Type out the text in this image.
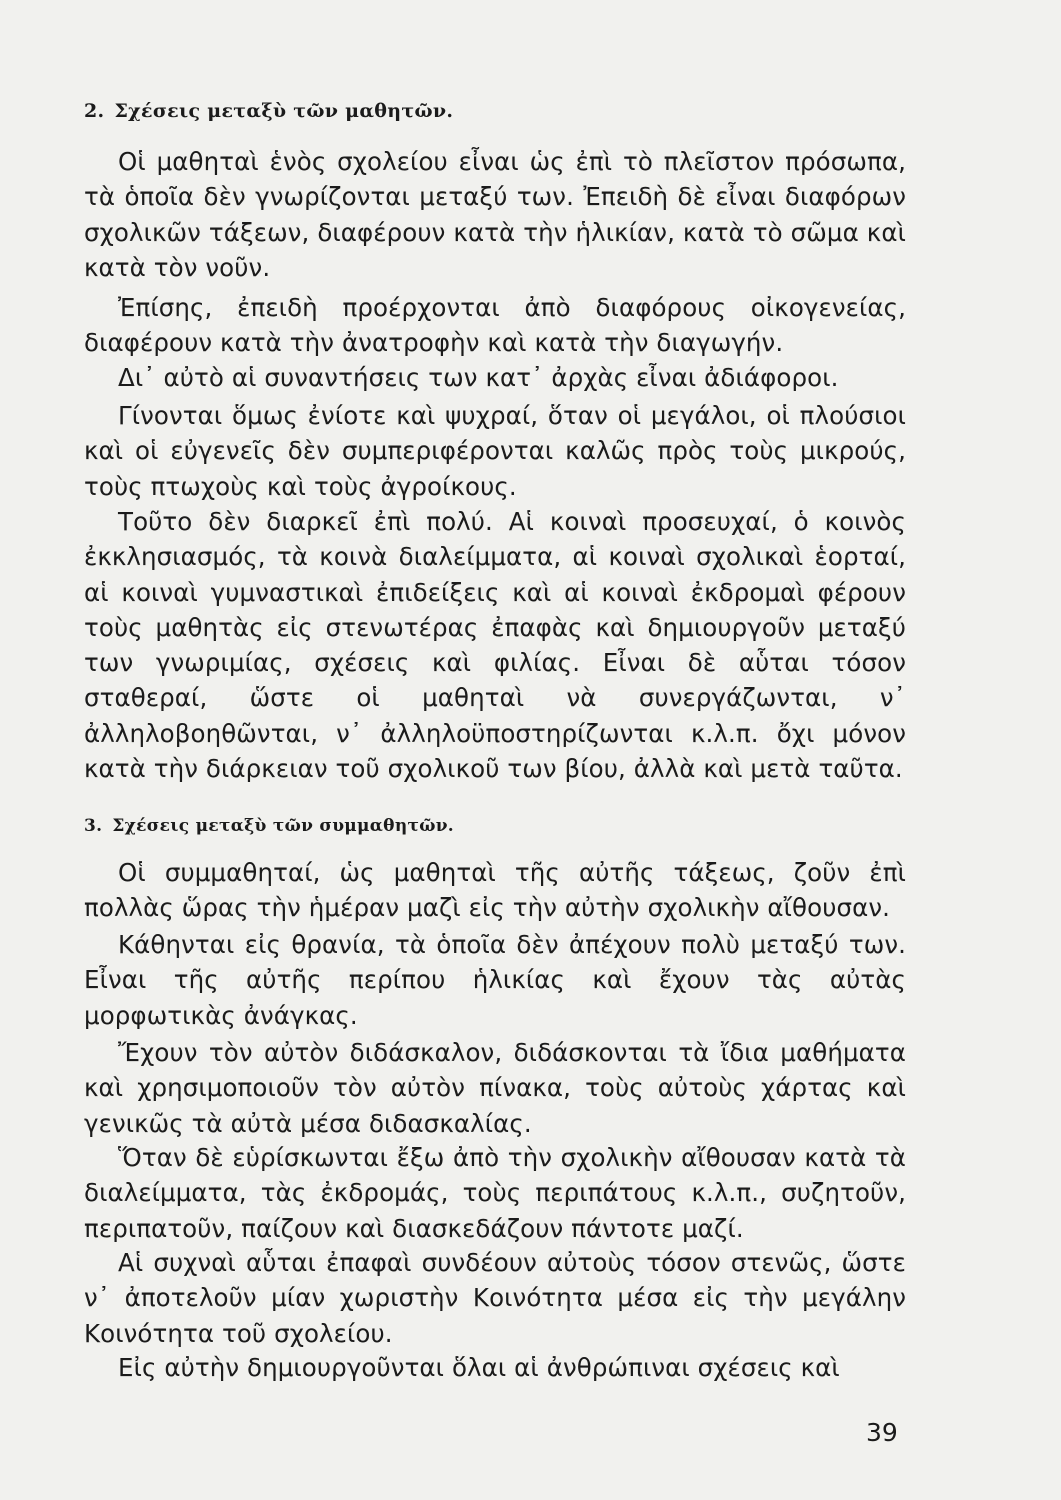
2. Σχέσεις μεταξὺ τῶν μαθητῶν.

Οἱ μαθηταὶ ἑνὸς σχολείου εἶναι ὡς ἐπὶ τὸ πλεῖστον πρόσωπα, τὰ ὁποῖα δὲν γνωρίζονται μεταξύ των. Ἐπειδὴ δὲ εἶναι διαφόρων σχολικῶν τάξεων, διαφέρουν κατὰ τὴν ἡλικίαν, κατὰ τὸ σῶμα καὶ κατὰ τὸν νοῦν.

Ἐπίσης, ἐπειδὴ προέρχονται ἀπὸ διαφόρους οἰκογενείας, διαφέρουν κατὰ τὴν ἀνατροφὴν καὶ κατὰ τὴν διαγωγήν.

Δι᾽ αὐτὸ αἱ συναντήσεις των κατ᾽ ἀρχὰς εἶναι ἀδιάφοροι.

Γίνονται ὅμως ἐνίοτε καὶ ψυχραί, ὅταν οἱ μεγάλοι, οἱ πλούσιοι καὶ οἱ εὐγενεῖς δὲν συμπεριφέρονται καλῶς πρὸς τοὺς μικρούς, τοὺς πτωχοὺς καὶ τοὺς ἀγροίκους.

Τοῦτο δὲν διαρκεῖ ἐπὶ πολύ. Αἱ κοιναὶ προσευχαί, ὁ κοινὸς ἐκκλησιασμός, τὰ κοινὰ διαλείμματα, αἱ κοιναὶ σχολικαὶ ἑορταί, αἱ κοιναὶ γυμναστικαὶ ἐπιδείξεις καὶ αἱ κοιναὶ ἐκδρομαὶ φέρουν τοὺς μαθητὰς εἰς στενωτέρας ἐπαφὰς καὶ δημιουργοῦν μεταξύ των γνωριμίας, σχέσεις καὶ φιλίας. Εἶναι δὲ αὗται τόσον σταθεραί, ὥστε οἱ μαθηταὶ νὰ συνεργάζωνται, ν᾽ ἀλληλοβοηθῶνται, ν᾽ ἀλληλοϋποστηρίζωνται κ.λ.π. ὄχι μόνον κατὰ τὴν διάρκειαν τοῦ σχολικοῦ των βίου, ἀλλὰ καὶ μετὰ ταῦτα.

3. Σχέσεις μεταξὺ τῶν συμμαθητῶν.

Οἱ συμμαθηταί, ὡς μαθηταὶ τῆς αὐτῆς τάξεως, ζοῦν ἐπὶ πολλὰς ὥρας τὴν ἡμέραν μαζὶ εἰς τὴν αὐτὴν σχολικὴν αἴθουσαν.

Κάθηνται εἰς θρανία, τὰ ὁποῖα δὲν ἀπέχουν πολὺ μεταξύ των. Εἶναι τῆς αὐτῆς περίπου ἡλικίας καὶ ἔχουν τὰς αὐτὰς μορφωτικὰς ἀνάγκας.

Ἔχουν τὸν αὐτὸν διδάσκαλον, διδάσκονται τὰ ἴδια μαθήματα καὶ χρησιμοποιοῦν τὸν αὐτὸν πίνακα, τοὺς αὐτοὺς χάρτας καὶ γενικῶς τὰ αὐτὰ μέσα διδασκαλίας.

Ὅταν δὲ εὑρίσκωνται ἔξω ἀπὸ τὴν σχολικὴν αἴθουσαν κατὰ τὰ διαλείμματα, τὰς ἐκδρομάς, τοὺς περιπάτους κ.λ.π., συζητοῦν, περιπατοῦν, παίζουν καὶ διασκεδάζουν πάντοτε μαζί.

Αἱ συχναὶ αὗται ἐπαφαὶ συνδέουν αὐτοὺς τόσον στενῶς, ὥστε ν᾽ ἀποτελοῦν μίαν χωριστὴν Κοινότητα μέσα εἰς τὴν μεγάλην Κοινότητα τοῦ σχολείου.

Εἰς αὐτὴν δημιουργοῦνται ὅλαι αἱ ἀνθρώπιναι σχέσεις καὶ

39
